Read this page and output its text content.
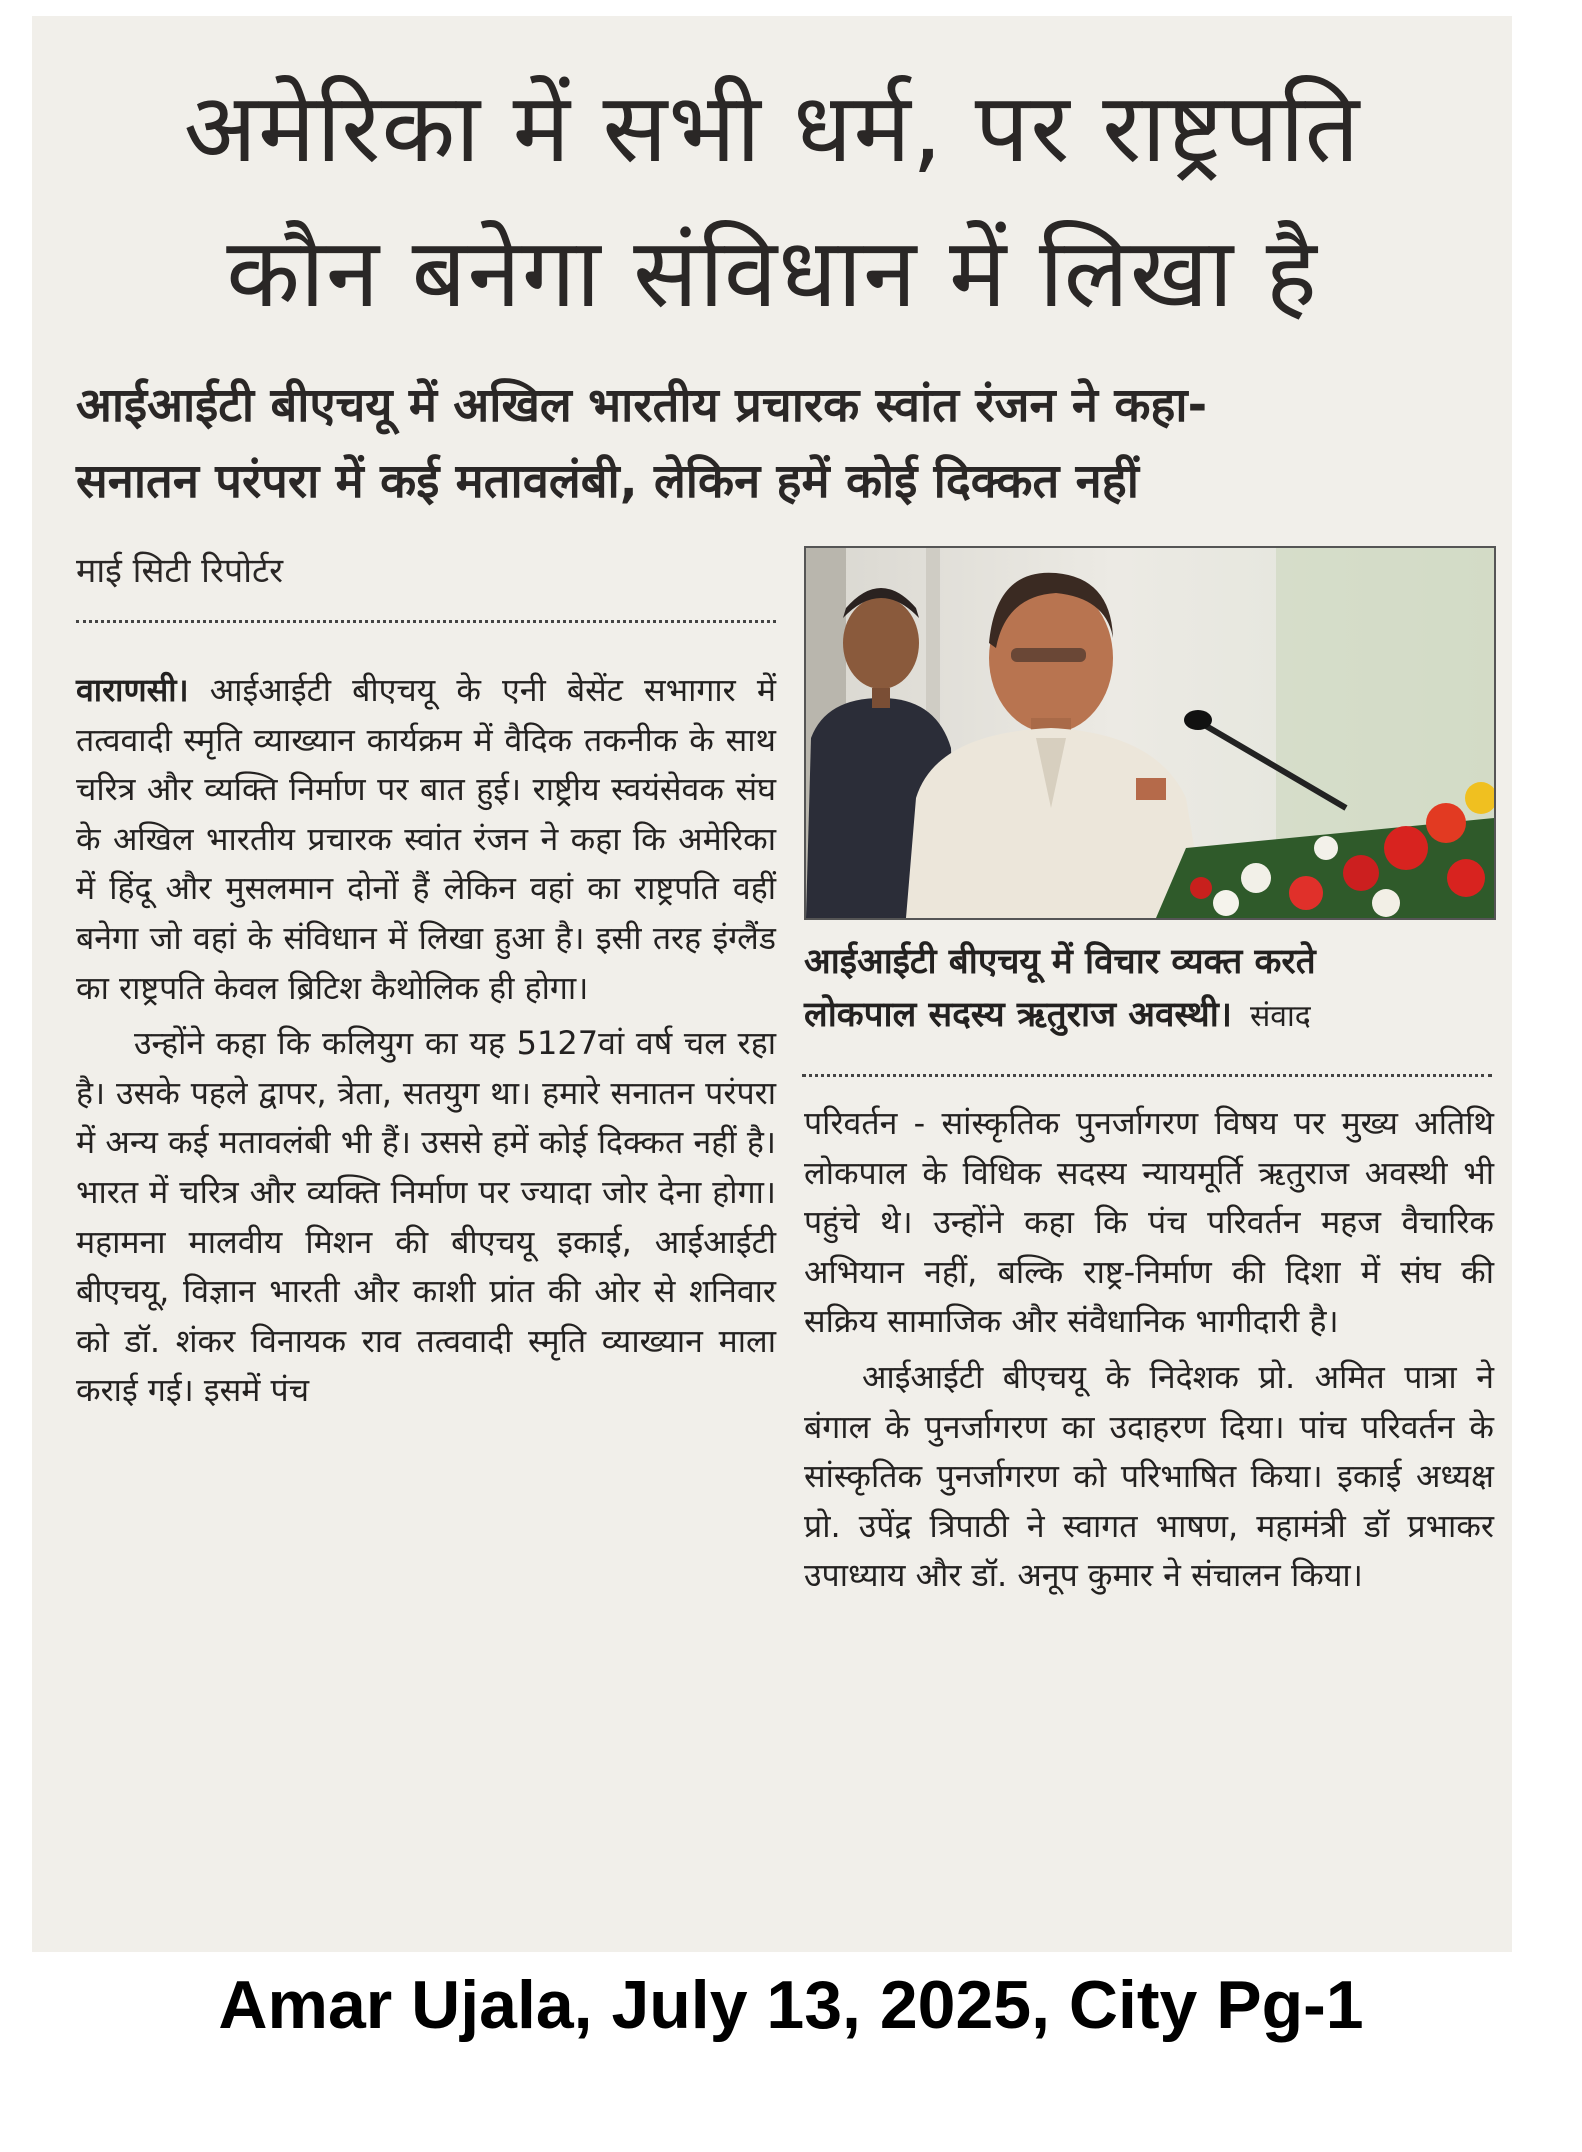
अमेरिका में सभी धर्म, पर राष्ट्रपति
कौन बनेगा संविधान में लिखा है
आईआईटी बीएचयू में अखिल भारतीय प्रचारक स्वांत रंजन ने कहा-
सनातन परंपरा में कई मतावलंबी, लेकिन हमें कोई दिक्कत नहीं

माई सिटी रिपोर्टर

वाराणसी। आईआईटी बीएचयू के एनी बेसेंट सभागार में तत्ववादी स्मृति व्याख्यान कार्यक्रम में वैदिक तकनीक के साथ चरित्र और व्यक्ति निर्माण पर बात हुई। राष्ट्रीय स्वयंसेवक संघ के अखिल भारतीय प्रचारक स्वांत रंजन ने कहा कि अमेरिका में हिंदू और मुसलमान दोनों हैं लेकिन वहां का राष्ट्रपति वहीं बनेगा जो वहां के संविधान में लिखा हुआ है। इसी तरह इंग्लैंड का राष्ट्रपति केवल ब्रिटिश कैथोलिक ही होगा।

उन्होंने कहा कि कलियुग का यह 5127वां वर्ष चल रहा है। उसके पहले द्वापर, त्रेता, सतयुग था। हमारे सनातन परंपरा में अन्य कई मतावलंबी भी हैं। उससे हमें कोई दिक्कत नहीं है। भारत में चरित्र और व्यक्ति निर्माण पर ज्यादा जोर देना होगा। महामना मालवीय मिशन की बीएचयू इकाई, आईआईटी बीएचयू, विज्ञान भारती और काशी प्रांत की ओर से शनिवार को डॉ. शंकर विनायक राव तत्ववादी स्मृति व्याख्यान माला कराई गई। इसमें पंच

आईआईटी बीएचयू में विचार व्यक्त करते
लोकपाल सदस्य ऋतुराज अवस्थी। संवाद

परिवर्तन - सांस्कृतिक पुनर्जागरण विषय पर मुख्य अतिथि लोकपाल के विधिक सदस्य न्यायमूर्ति ऋतुराज अवस्थी भी पहुंचे थे। उन्होंने कहा कि पंच परिवर्तन महज वैचारिक अभियान नहीं, बल्कि राष्ट्र-निर्माण की दिशा में संघ की सक्रिय सामाजिक और संवैधानिक भागीदारी है।

आईआईटी बीएचयू के निदेशक प्रो. अमित पात्रा ने बंगाल के पुनर्जागरण का उदाहरण दिया। पांच परिवर्तन के सांस्कृतिक पुनर्जागरण को परिभाषित किया। इकाई अध्यक्ष प्रो. उपेंद्र त्रिपाठी ने स्वागत भाषण, महामंत्री डॉ प्रभाकर उपाध्याय और डॉ. अनूप कुमार ने संचालन किया।

Amar Ujala, July 13, 2025, City Pg-1
